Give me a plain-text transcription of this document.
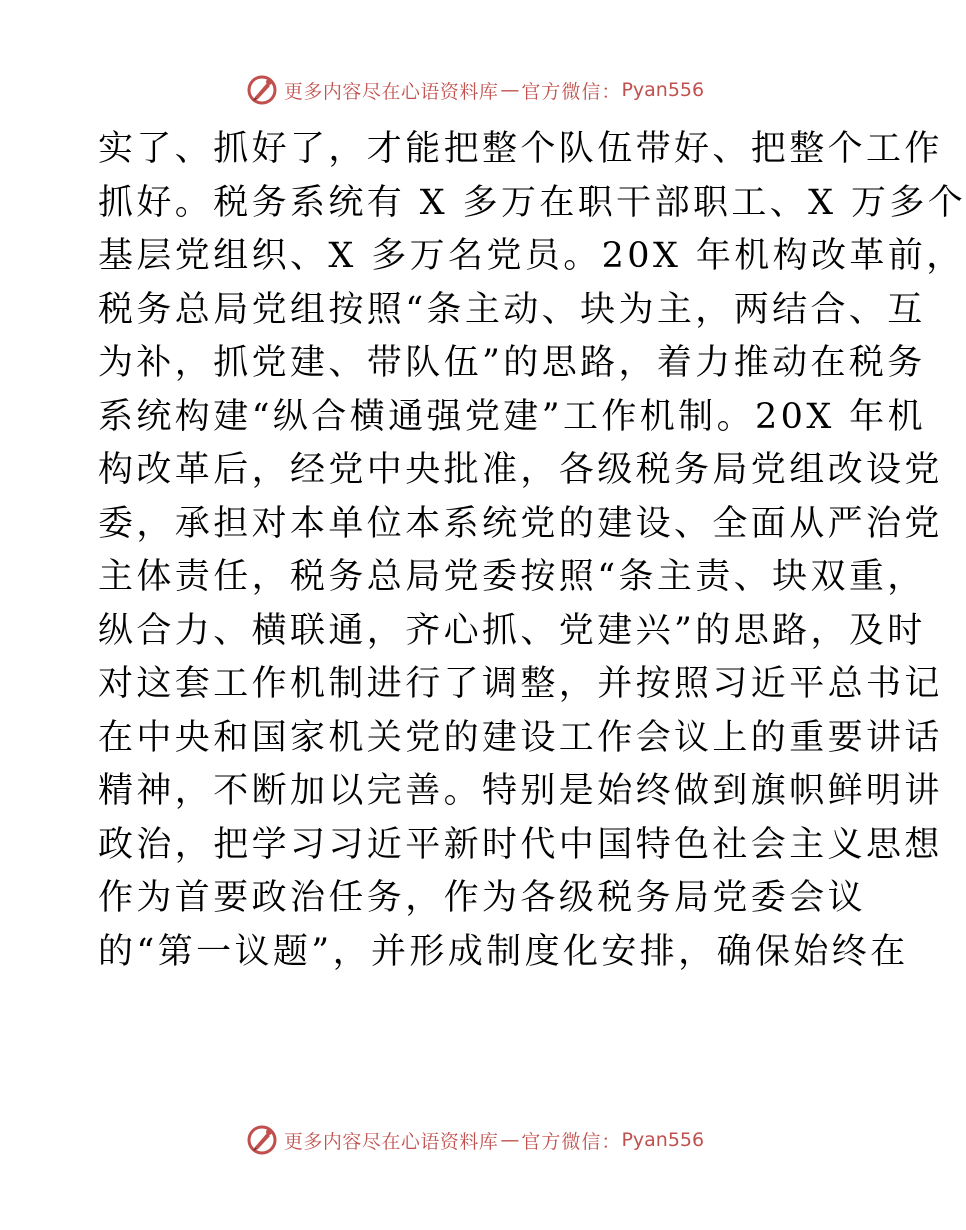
更多内容尽在心语资料库 — 官方微信： Pyan556
实了、抓好了，才能把整个队伍带好、把整个工作
抓好。税务系统有 X 多万在职干部职工、X 万多个
基层党组织、X 多万名党员。20X 年机构改革前，
税务总局党组按照“条主动、块为主，两结合、互
为补，抓党建、带队伍”的思路，着力推动在税务
系统构建“纵合横通强党建”工作机制。20X 年机
构改革后，经党中央批准，各级税务局党组改设党
委，承担对本单位本系统党的建设、全面从严治党
主体责任，税务总局党委按照“条主责、块双重，
纵合力、横联通，齐心抓、党建兴”的思路，及时
对这套工作机制进行了调整，并按照习近平总书记
在中央和国家机关党的建设工作会议上的重要讲话
精神，不断加以完善。特别是始终做到旗帜鲜明讲
政治，把学习习近平新时代中国特色社会主义思想
作为首要政治任务，作为各级税务局党委会议
的“第一议题”，并形成制度化安排，确保始终在
更多内容尽在心语资料库 — 官方微信： Pyan556
